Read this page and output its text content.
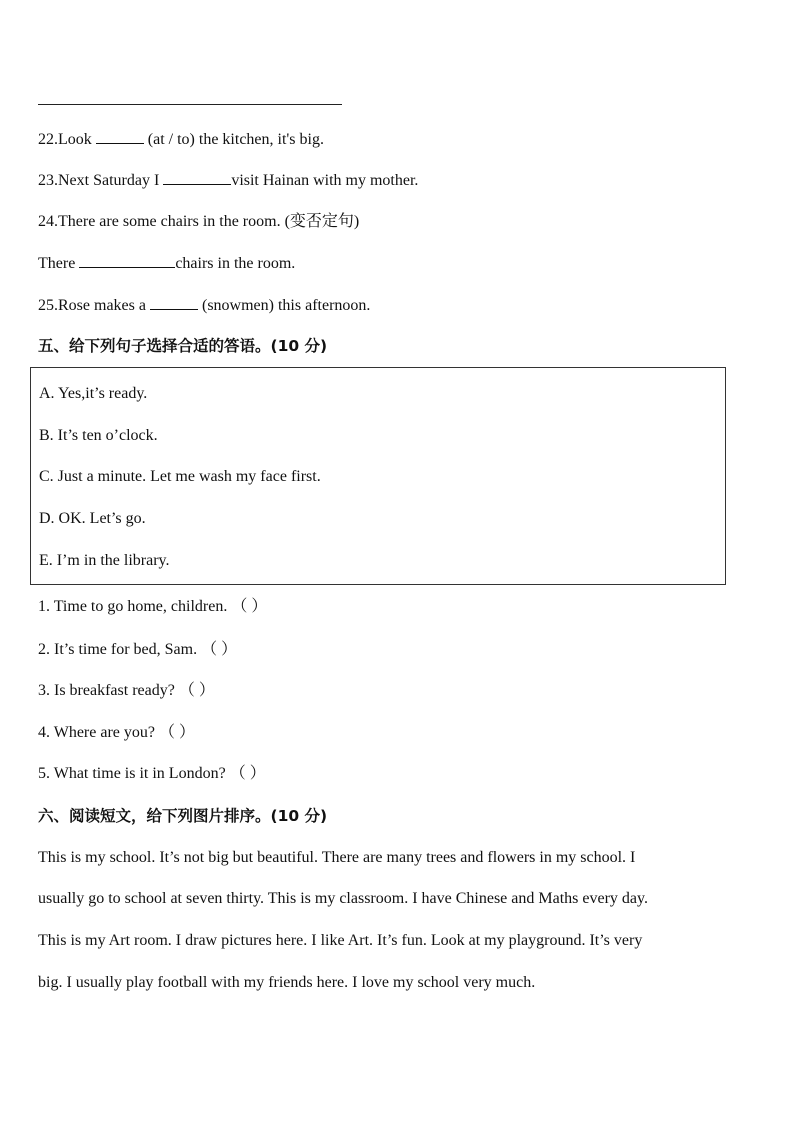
22.Look	(at / to) the kitchen, it's big.
23.Next Saturday I	visit Hainan with my mother.
24.There are some chairs in the room. (变否定句)
There	chairs in the room.
25.Rose makes a	(snowmen) this afternoon.
五、给下列句子选择合适的答语。(10 分)
A. Yes,it’s ready.
B. It’s ten o’clock.
C. Just a minute. Let me wash my face first.
D. OK. Let’s go.
E. I’m in the library.
1. Time to go home, children. （ ）
2. It’s time for bed, Sam. （ ）
3. Is breakfast ready? （ ）
4. Where are you? （ ）
5. What time is it in London? （ ）
六、阅读短文，给下列图片排序。(10 分)
This is my school. It’s not big but beautiful. There are many trees and flowers in my school. I
usually go to school at seven thirty. This is my classroom. I have Chinese and Maths every day.
This is my Art room. I draw pictures here. I like Art. It’s fun. Look at my playground. It’s very
big. I usually play football with my friends here. I love my school very much.
